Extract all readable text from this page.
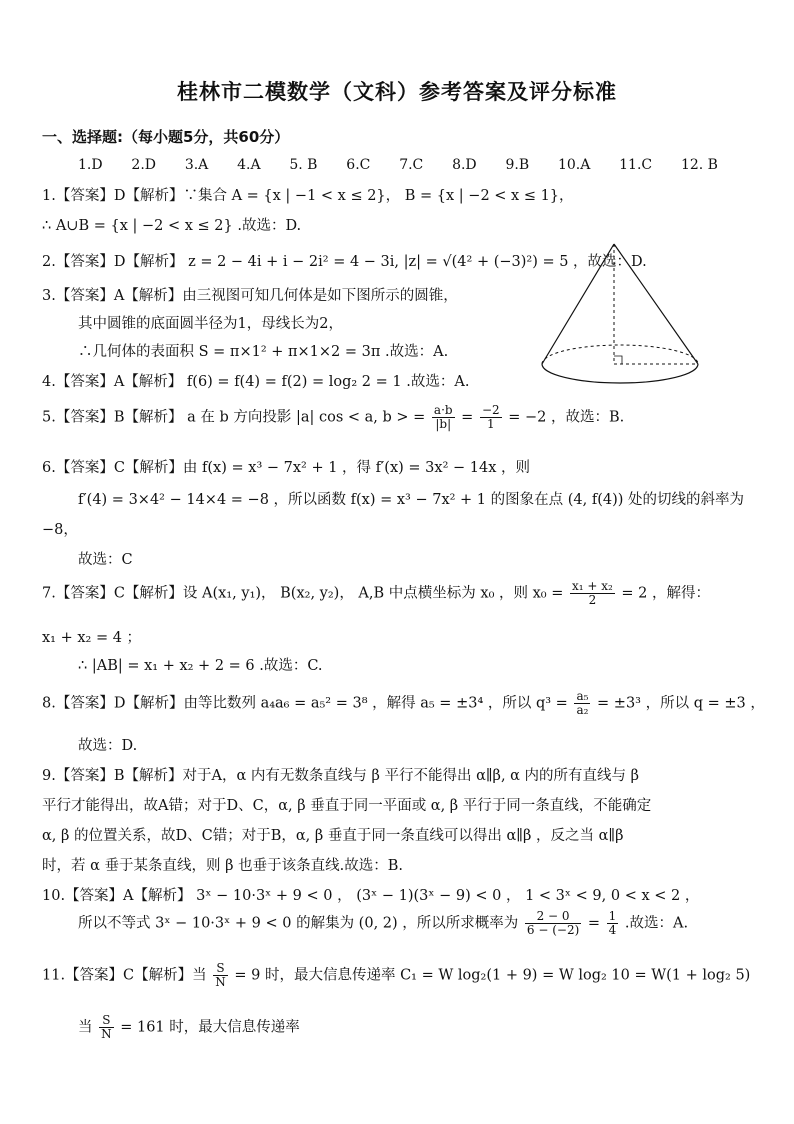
桂林市二模数学（文科）参考答案及评分标准
一、选择题:（每小题5分，共60分）
1.D 2.D 3.A 4.A 5. B 6.C 7.C 8.D 9.B 10.A 11.C 12. B
1.【答案】D【解析】∵集合 A = {x | −1 < x ≤ 2}， B = {x | −2 < x ≤ 1}，
∴ A∪B = {x | −2 < x ≤ 2} .故选：D.
2.【答案】D【解析】 z = 2 − 4i + i − 2i² = 4 − 3i, |z| = √(4² + (−3)²) = 5 ，故选：D.
3.【答案】A【解析】由三视图可知几何体是如下图所示的圆锥，
其中圆锥的底面圆半径为1，母线长为2，
∴几何体的表面积 S = π×1² + π×1×2 = 3π .故选：A.
4.【答案】A【解析】 f(6) = f(4) = f(2) = log₂ 2 = 1 .故选：A.
5.【答案】B【解析】 a 在 b 方向投影 |a| cos < a, b > = $\frac{a\cdot b}{|b|} = \frac{-2}{1} = -2$ ，故选：B.
6.【答案】C【解析】由 f(x) = x³ − 7x² + 1 ，得 f′(x) = 3x² − 14x ，则
f′(4) = 3×4² − 14×4 = −8 ，所以函数 f(x) = x³ − 7x² + 1 的图象在点 (4, f(4)) 处的切线的斜率为
−8，
故选：C
7.【答案】C【解析】设 A(x₁, y₁)， B(x₂, y₂)， A,B 中点横坐标为 x₀ ，则 $x_0 = \frac{\text{x₁ + x₂}}{2} = 2$ ，解得：
x₁ + x₂ = 4 ；
∴ |AB| = x₁ + x₂ + 2 = 6 .故选：C.
8.【答案】D【解析】由等比数列 a₄a₆ = a₅² = 3⁸ ，解得 a₅ = ±3⁴ ，所以 $q^3 = \frac{\text{a₅}}{\text{a₂}} = \pm 3^3$ ，所以 q = ±3 ，
故选：D.
9.【答案】B【解析】对于A，α 内有无数条直线与 β 平行不能得出 α∥β, α 内的所有直线与 β
平行才能得出，故A错；对于D、C，α, β 垂直于同一平面或 α, β 平行于同一条直线，不能确定
α, β 的位置关系，故D、C错；对于B，α, β 垂直于同一条直线可以得出 α∥β ，反之当 α∥β
时，若 α 垂于某条直线，则 β 也垂于该条直线.故选：B.
10.【答案】A【解析】 3ˣ − 10·3ˣ + 9 < 0 ， (3ˣ − 1)(3ˣ − 9) < 0 ， 1 < 3ˣ < 9, 0 < x < 2 ，
所以不等式 3ˣ − 10·3ˣ + 9 < 0 的解集为 (0, 2) ，所以所求概率为 $\frac{2 - 0}{6 - (-2)} = \frac{1}{4}$ .故选：A.
11.【答案】C【解析】当 $\frac{S}{N} = 9$ 时，最大信息传递率 C₁ = W log₂(1 + 9) = W log₂ 10 = W(1 + log₂ 5)
当 $\frac{S}{N} = 161$ 时，最大信息传递率
